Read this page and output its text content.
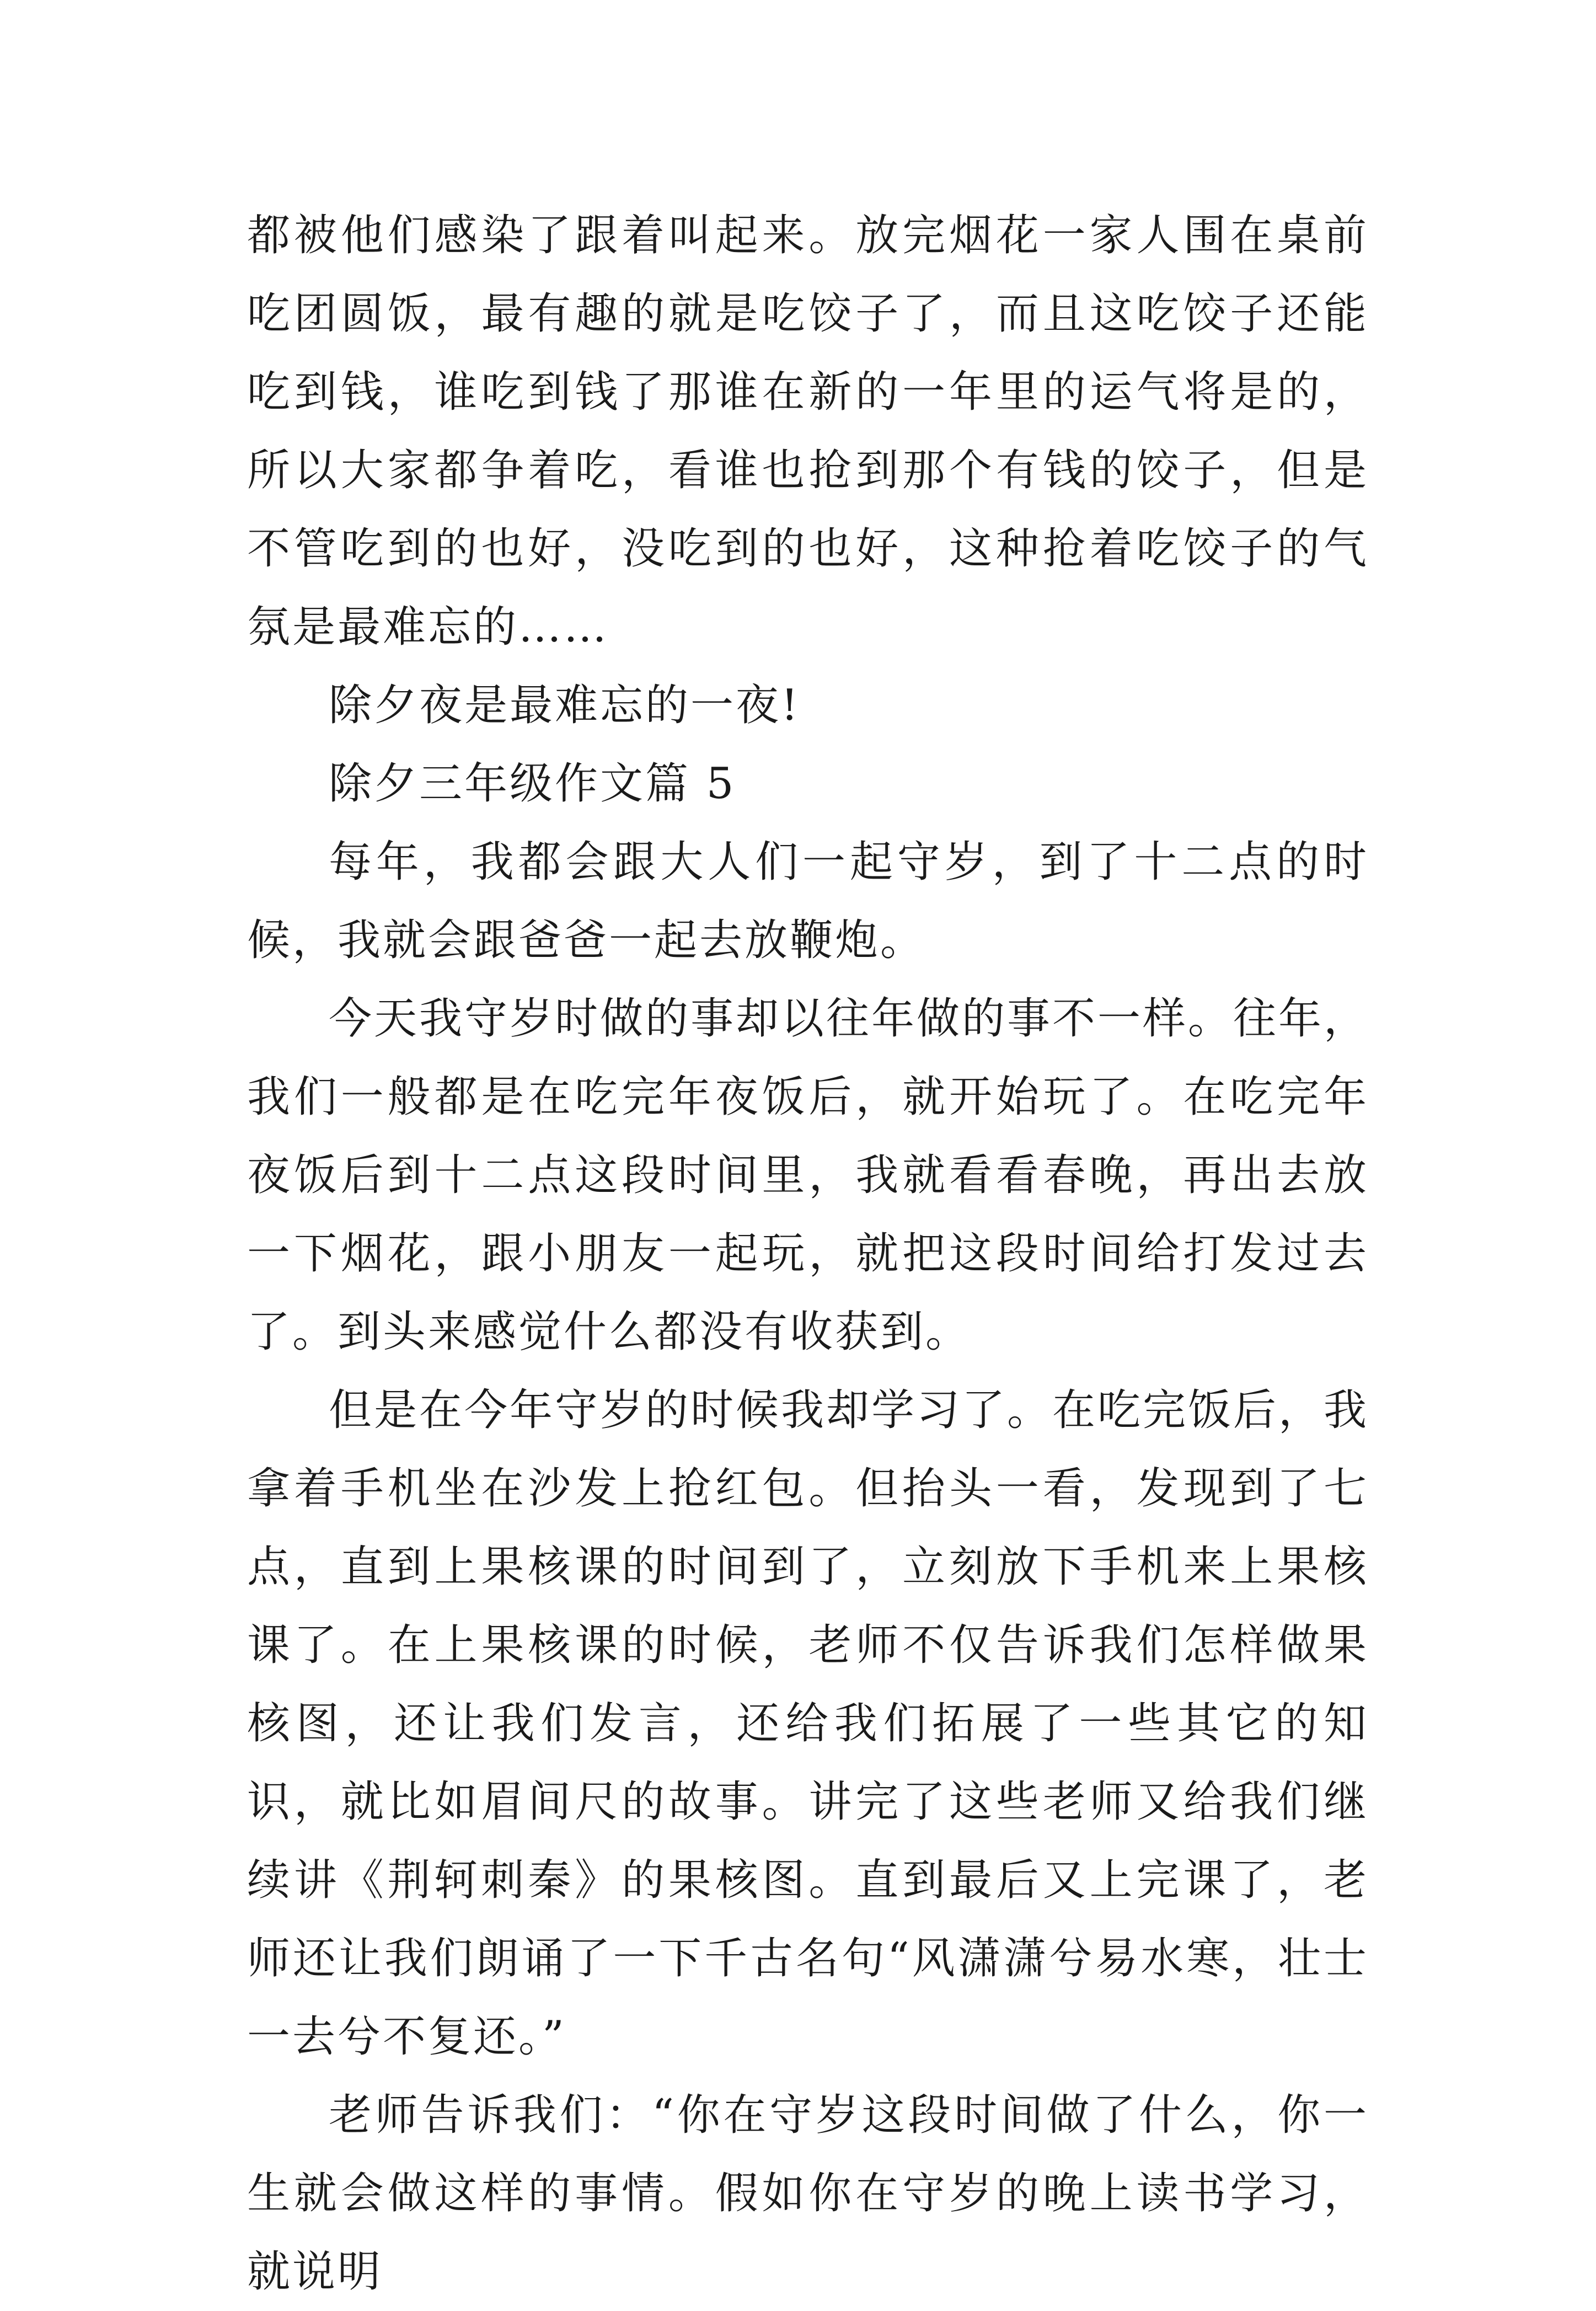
都被他们感染了跟着叫起来。放完烟花一家人围在桌前吃团圆饭，最有趣的就是吃饺子了，而且这吃饺子还能吃到钱，谁吃到钱了那谁在新的一年里的运气将是的，所以大家都争着吃，看谁也抢到那个有钱的饺子，但是不管吃到的也好，没吃到的也好，这种抢着吃饺子的气氛是最难忘的……

除夕夜是最难忘的一夜!

除夕三年级作文篇 5

每年，我都会跟大人们一起守岁，到了十二点的时候，我就会跟爸爸一起去放鞭炮。

今天我守岁时做的事却以往年做的事不一样。往年，我们一般都是在吃完年夜饭后，就开始玩了。在吃完年夜饭后到十二点这段时间里，我就看看春晚，再出去放一下烟花，跟小朋友一起玩，就把这段时间给打发过去了。到头来感觉什么都没有收获到。

但是在今年守岁的时候我却学习了。在吃完饭后，我拿着手机坐在沙发上抢红包。但抬头一看，发现到了七点，直到上果核课的时间到了，立刻放下手机来上果核课了。在上果核课的时候，老师不仅告诉我们怎样做果核图，还让我们发言，还给我们拓展了一些其它的知识，就比如眉间尺的故事。讲完了这些老师又给我们继续讲《荆轲刺秦》的果核图。直到最后又上完课了，老师还让我们朗诵了一下千古名句“风潇潇兮易水寒，壮士一去兮不复还。”

老师告诉我们：“你在守岁这段时间做了什么，你一生就会做这样的事情。假如你在守岁的晚上读书学习，就说明
